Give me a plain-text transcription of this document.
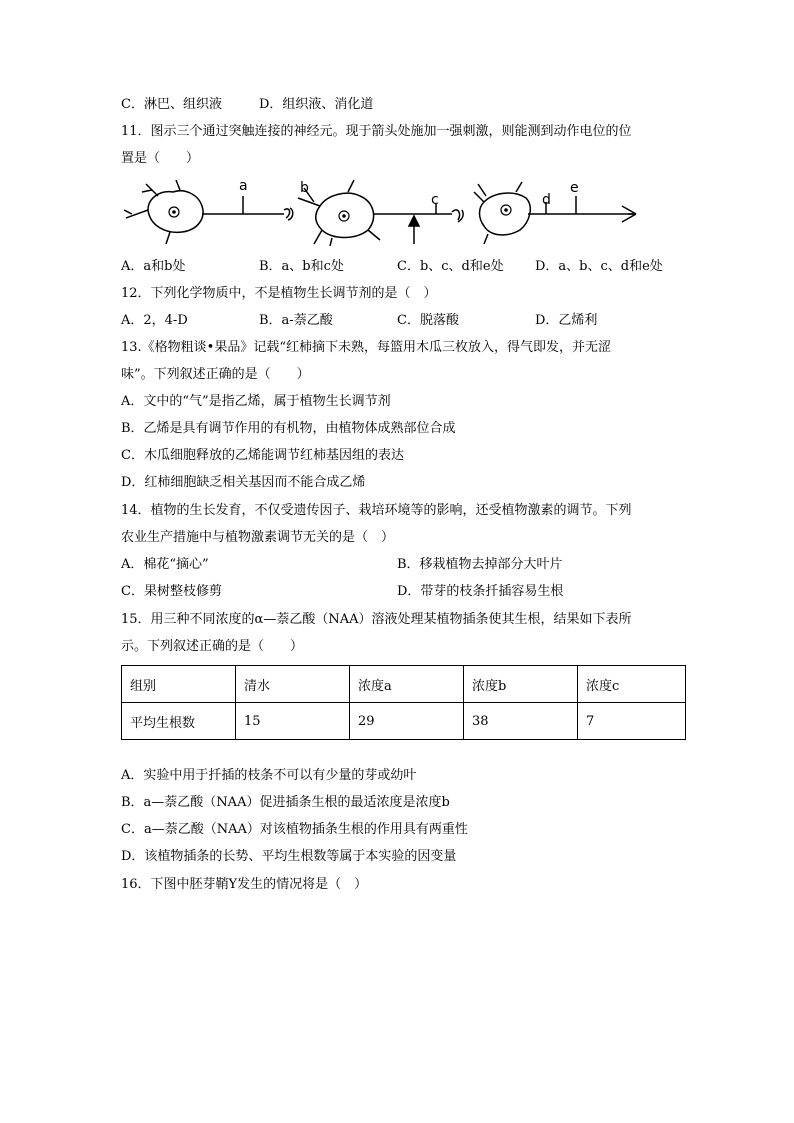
C．淋巴、组织液	D．组织液、消化道
11．图示三个通过突触连接的神经元。现于箭头处施加一强刺激，则能测到动作电位的位
置是（　　）
a	b
c	d
e
A．a和b处	B．a、b和c处	C．b、c、d和e处 D．a、b、c、d和e处
12．下列化学物质中，不是植物生长调节剂的是（　）
A．2，4-D	B．a-萘乙酸	C．脱落酸	D．乙烯利
13.《格物粗谈•果品》记载“红柿摘下未熟，每篮用木瓜三枚放入，得气即发，并无涩
味”。下列叙述正确的是（　　）
A．文中的“气”是指乙烯，属于植物生长调节剂
B．乙烯是具有调节作用的有机物，由植物体成熟部位合成
C．木瓜细胞释放的乙烯能调节红柿基因组的表达
D．红柿细胞缺乏相关基因而不能合成乙烯
14．植物的生长发育，不仅受遗传因子、栽培环境等的影响，还受植物激素的调节。下列
农业生产措施中与植物激素调节无关的是（　）
A．棉花“摘心”	B．移栽植物去掉部分大叶片
C．果树整枝修剪	D．带芽的枝条扦插容易生根
15．用三种不同浓度的α—萘乙酸（NAA）溶液处理某植物插条使其生根，结果如下表所
示。下列叙述正确的是（　　）
组别	清水	浓度a	浓度b	浓度c
平均生根数	15	29	38	7
A．实验中用于扦插的枝条不可以有少量的芽或幼叶
B．a—萘乙酸（NAA）促进插条生根的最适浓度是浓度b
C．a—萘乙酸（NAA）对该植物插条生根的作用具有两重性
D．该植物插条的长势、平均生根数等属于本实验的因变量
16．下图中胚芽鞘Y发生的情况将是（　）
